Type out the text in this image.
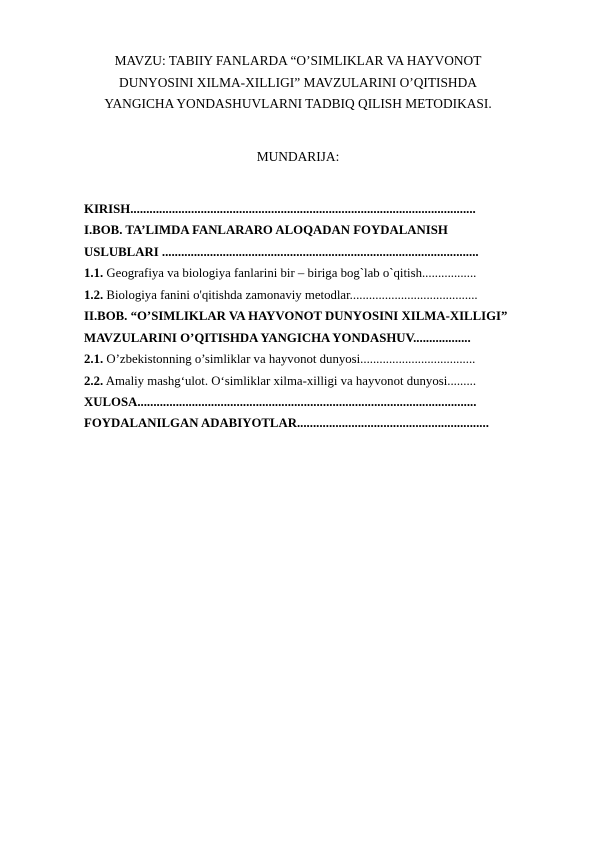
MAVZU: TABIIY FANLARDA “O’SIMLIKLAR VA HAYVONOT
DUNYOSINI XILMA-XILLIGI” MAVZULARINI O’QITISHDA
YANGICHA YONDASHUVLARNI TADBIQ QILISH METODIKASI.
MUNDARIJA:
KIRISH............................................................................................................
I.BOB. TA’LIMDA FANLARARO ALOQADAN FOYDALANISH
USLUBLARI ...................................................................................................
1.1. Geografiya va biologiya fanlarini bir – biriga bog`lab o`qitish.................
1.2. Biologiya fanini o'qitishda zamonaviy metodlar........................................
II.BOB. “O’SIMLIKLAR VA HAYVONOT DUNYOSINI XILMA-XILLIGI”
MAVZULARINI O’QITISHDA YANGICHA YONDASHUV..................
2.1. O’zbekistonning o’simliklar va hayvonot dunyosi....................................
2.2. Amaliy mashg‘ulot. O‘simliklar xilma-xilligi va hayvonot dunyosi.........
XULOSA..........................................................................................................
FOYDALANILGAN ADABIYOTLAR............................................................
